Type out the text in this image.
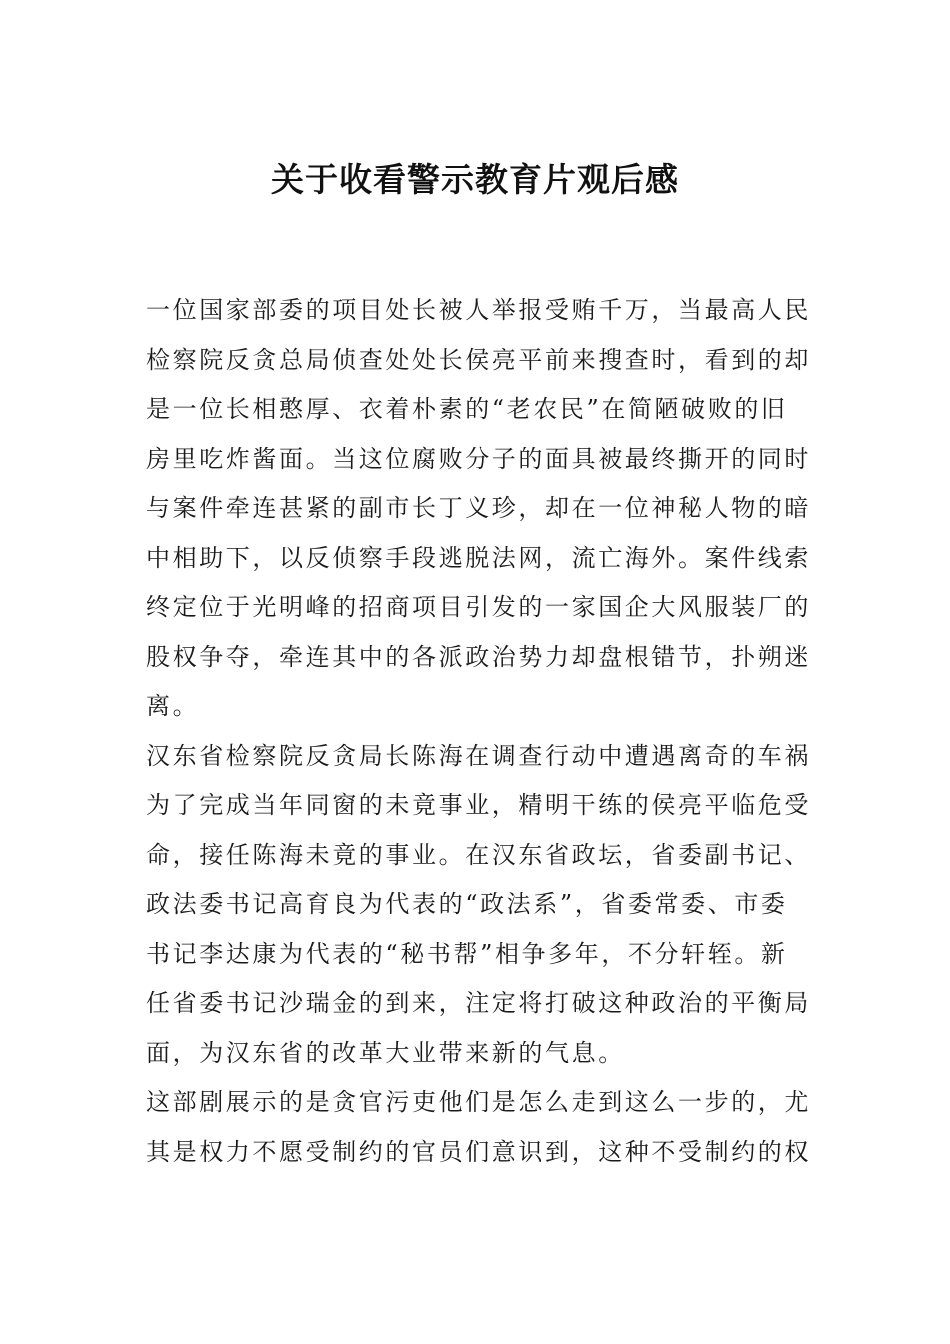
关于收看警示教育片观后感
一位国家部委的项目处长被人举报受贿千万，当最高人民
检察院反贪总局侦查处处长侯亮平前来搜查时，看到的却
是一位长相憨厚、衣着朴素的“老农民”在简陋破败的旧
房里吃炸酱面。当这位腐败分子的面具被最终撕开的同时
与案件牵连甚紧的副市长丁义珍，却在一位神秘人物的暗
中相助下，以反侦察手段逃脱法网，流亡海外。案件线索
终定位于光明峰的招商项目引发的一家国企大风服装厂的
股权争夺，牵连其中的各派政治势力却盘根错节，扑朔迷
离。
汉东省检察院反贪局长陈海在调查行动中遭遇离奇的车祸
为了完成当年同窗的未竟事业，精明干练的侯亮平临危受
命，接任陈海未竟的事业。在汉东省政坛，省委副书记、
政法委书记高育良为代表的“政法系”，省委常委、市委
书记李达康为代表的“秘书帮”相争多年，不分轩轾。新
任省委书记沙瑞金的到来，注定将打破这种政治的平衡局
面，为汉东省的改革大业带来新的气息。
这部剧展示的是贪官污吏他们是怎么走到这么一步的，尤
其是权力不愿受制约的官员们意识到，这种不受制约的权
